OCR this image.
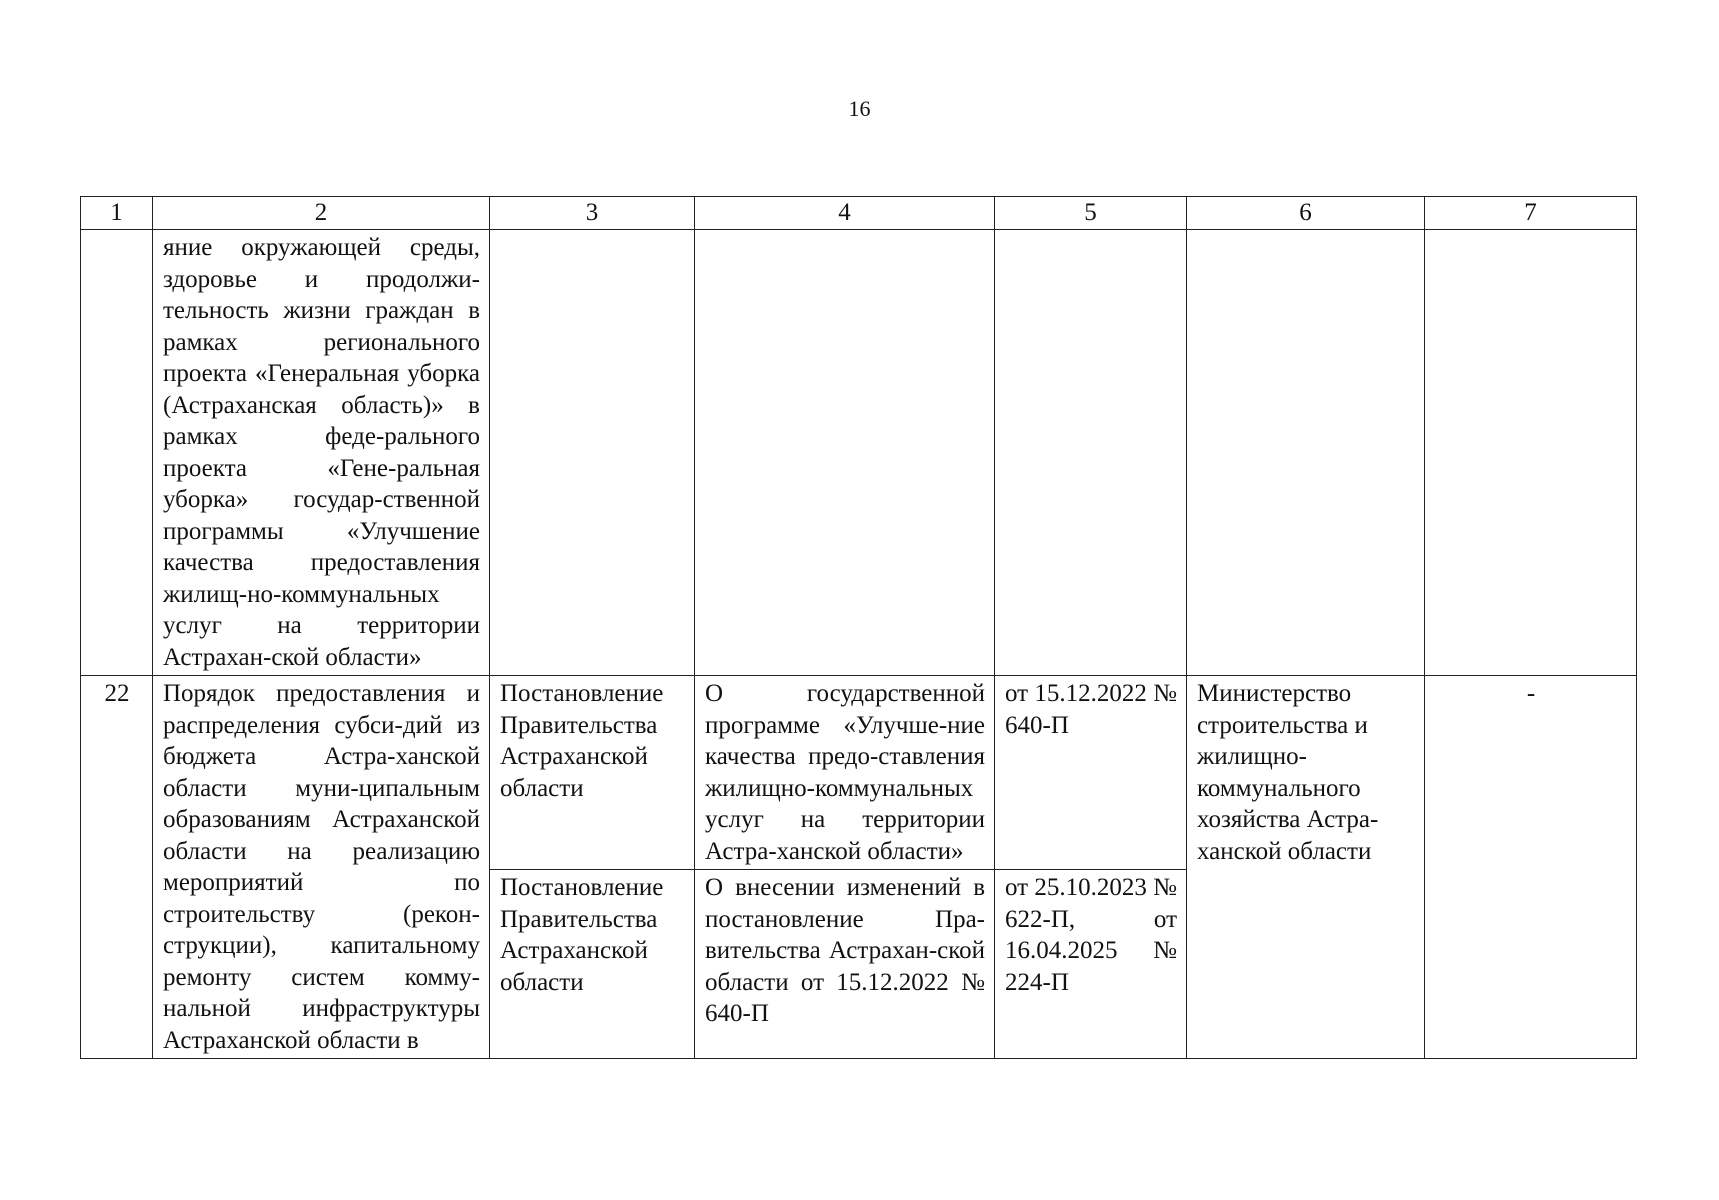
16
1	2	3	4	5	6	7
	яние окружающей среды, здоровье и продолжи-тельность жизни граждан в рамках регионального проекта «Генеральная уборка (Астраханская область)» в рамках феде-рального проекта «Гене-ральная уборка» государ-ственной программы «Улучшение качества предоставления жилищ-но-коммунальных услуг на территории Астрахан-ской области»					
22	Порядок предоставления и распределения субси-дий из бюджета Астра-ханской области муни-ципальным образованиям Астраханской области на реализацию мероприятий по строительству (рекон-струкции), капитальному ремонту систем комму-нальной инфраструктуры Астраханской области в	Постановление Правительства Астраханской области	О государственной программе «Улучше-ние качества предо-ставления жилищно-коммунальных услуг на территории Астра-ханской области»	от 15.12.2022 № 640-П	Министерство строительства и жилищно-коммунального хозяйства Астра-ханской области	-
		Постановление Правительства Астраханской области	О внесении изменений в постановление Пра-вительства Астрахан-ской области от 15.12.2022 № 640-П	от 25.10.2023 № 622-П, от 16.04.2025 № 224-П		
